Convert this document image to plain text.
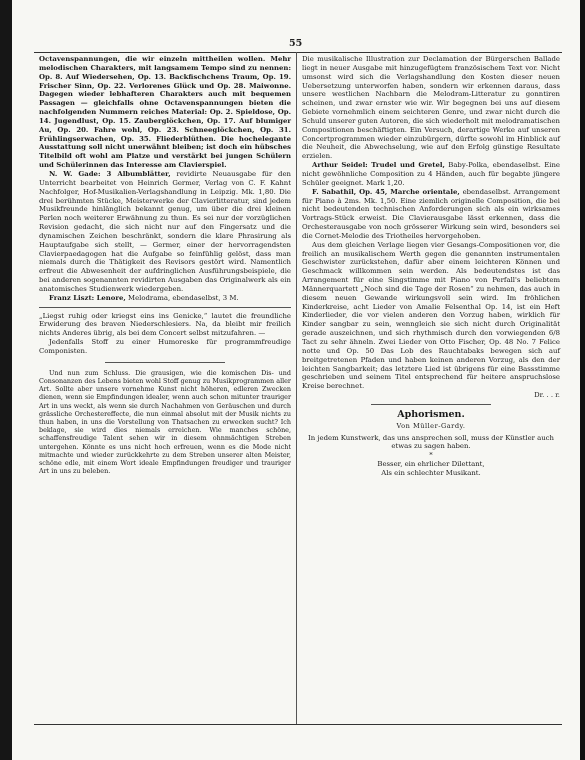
55

Octavenspannungen, die wir einzeln mittheilen wollen. Mehr melodischen Charakters, mit langsamem Tempo sind zu nennen: Op. 8. Auf Wiedersehen, Op. 13. Backfischchens Traum, Op. 19. Frischer Sinn, Op. 22. Verlorenes Glück und Op. 28. Maiwonne. Dagegen wieder lebhafteren Charakters auch mit bequemen Passagen — gleichfalls ohne Octavenspannungen bieten die nachfolgenden Nummern reiches Material: Op. 2. Spieldose, Op. 14. Jugendlust, Op. 15. Zauberglöckchen, Op. 17. Auf blumiger Au, Op. 20. Fahre wohl, Op. 23. Schneeglöckchen, Op. 31. Frühlingserwachen, Op. 35. Fliederblüthen. Die hochelegante Ausstattung soll nicht unerwähnt bleiben; ist doch ein hübsches Titelbild oft wohl am Platze und verstärkt bei jungen Schülern und Schülerinnen das Interesse am Clavierspiel.

N. W. Gade: 3 Albumblätter, revidirte Neuausgabe für den Unterricht bearbeitet von Heinrich Germer, Verlag von C. F. Kahnt Nachfolger, Hof-Musikalien-Verlagshandlung in Leipzig. Mk. 1,80. Die drei berühmten Stücke, Meisterwerke der Clavierlitteratur, sind jedem Musikfreunde hinlänglich bekannt genug, um über die drei kleinen Perlen noch weiterer Erwähnung zu thun. Es sei nur der vorzüglichen Revision gedacht, die sich nicht nur auf den Fingersatz und die dynamischen Zeichen beschränkt, sondern die klare Phrasirung als Hauptaufgabe sich stellt, — Germer, einer der hervorragendsten Clavierpaedagogen hat die Aufgabe so feinfühlig gelöst, dass man niemals durch die Thätigkeit des Revisors gestört wird. Namentlich erfreut die Abwesenheit der aufdringlichen Ausführungsbeispiele, die bei anderen sogenannten revidirten Ausgaben das Originalwerk als ein anatomisches Studienwerk wiedergeben.

Franz Liszt: Lenore, Melodrama, ebendaselbst, 3 M.

„Liegst ruhig oder kriegst eins ins Genicke,“ lautet die freundliche Erwiderung des braven Niederschlesiers. Na, da bleibt mir freilich nichts Anderes übrig, als bei dem Concert selbst mitzufahren. —

Jedenfalls Stoff zu einer Humoreske für programmfreudige Componisten.

Und nun zum Schluss. Die grausigen, wie die komischen Dis- und Consonanzen des Lebens bieten wohl Stoff genug zu Musikprogrammen aller Art. Sollte aber unsere vornehme Kunst nicht höheren, edleren Zwecken dienen, wenn sie Empfindungen idealer, wenn auch schon mitunter trauriger Art in uns weckt, als wenn sie durch Nachahmen von Geräuschen und durch grässliche Orchestereffecte, die nun einmal absolut mit der Musik nichts zu thun haben, in uns die Vorstellung von Thatsachen zu erwecken sucht? Ich beklage, sie wird dies niemals erreichen. Wie manches schöne, schaffensfreudige Talent sehen wir in diesem ohnmächtigen Streben untergehen. Könnte es uns nicht hoch erfreuen, wenn es die Mode nicht mitmachte und wieder zurückkehrte zu dem Streben unserer alten Meister, schöne edle, mit einem Wort ideale Empfindungen freudiger und trauriger Art in uns zu beleben.

Die musikalische Illustration zur Declamation der Bürgerschen Ballade liegt in neuer Ausgabe mit hinzugefügtem französischem Text vor. Nicht umsonst wird sich die Verlagshandlung den Kosten dieser neuen Uebersetzung unterworfen haben, sondern wir erkennen daraus, dass unsere westlichen Nachbarn die Melodram-Litteratur zu gonntiren scheinen, und zwar ernster wie wir. Wir begegnen bei uns auf diesem Gebiete vornehmlich einem seichteren Genre, und zwar nicht durch die Schuld unserer guten Autoren, die sich wiederholt mit melodramatischen Compositionen beschäftigten. Ein Versuch, derartige Werke auf unseren Concertprogrammen wieder einzubürgern, dürfte sowohl im Hinblick auf die Neuheit, die Abwechselung, wie auf den Erfolg günstige Resultate erzielen.

Arthur Seidel: Trudel und Gretel, Baby-Polka, ebendaselbst. Eine nicht gewöhnliche Composition zu 4 Händen, auch für begabte jüngere Schüler geeignet. Mark 1,20.

F. Sabathil, Op. 45, Marche orientale, ebendaselbst. Arrangement für Piano à 2ms. Mk. 1,50. Eine ziemlich originelle Composition, die bei nicht bedeutenden technischen Anforderungen sich als ein wirksames Vortrags-Stück erweist. Die Clavierausgabe lässt erkennen, dass die Orchesterausgabe von noch grösserer Wirkung sein wird, besonders sei die Cornet-Melodie des Triotheiles hervorgehoben.

Aus dem gleichen Verlage liegen vier Gesangs-Compositionen vor, die freilich an musikalischem Werth gegen die genannten instrumentalen Geschwister zurückstehen, dafür aber einem leichteren Können und Geschmack willkommen sein werden. Als bedeutendstes ist das Arrangement für eine Singstimme mit Piano von Perfall's beliebtem Männerquartett „Noch sind die Tage der Rosen“ zu nehmen, das auch in diesem neuen Gewande wirkungsvoll sein wird. Im fröhlichen Kinderkreise, acht Lieder von Amalie Felsenthal Op. 14, ist ein Heft Kinderlieder, die vor vielen anderen den Vorzug haben, wirklich für Kinder sangbar zu sein, wenngleich sie sich nicht durch Originalität gerade auszeichnen, und sich rhythmisch durch den vorwiegenden 6/8 Tact zu sehr ähneln. Zwei Lieder von Otto Fischer, Op. 48 No. 7 Felice notte und Op. 50 Das Lob des Rauchtabaks bewegen sich auf breitgetretenen Pfaden und haben keinen anderen Vorzug, als den der leichten Sangbarkeit; das letztere Lied ist übrigens für eine Bassstimme geschrieben und seinem Titel entsprechend für heitere anspruchslose Kreise berechnet.

Dr. . . r.

Aphorismen.
Von Müller-Gardy.

In jedem Kunstwerk, das uns ansprechen soll, muss der Künstler auch etwas zu sagen haben.

*

Besser, ein ehrlicher Dilettant,

Als ein schlechter Musikant.
